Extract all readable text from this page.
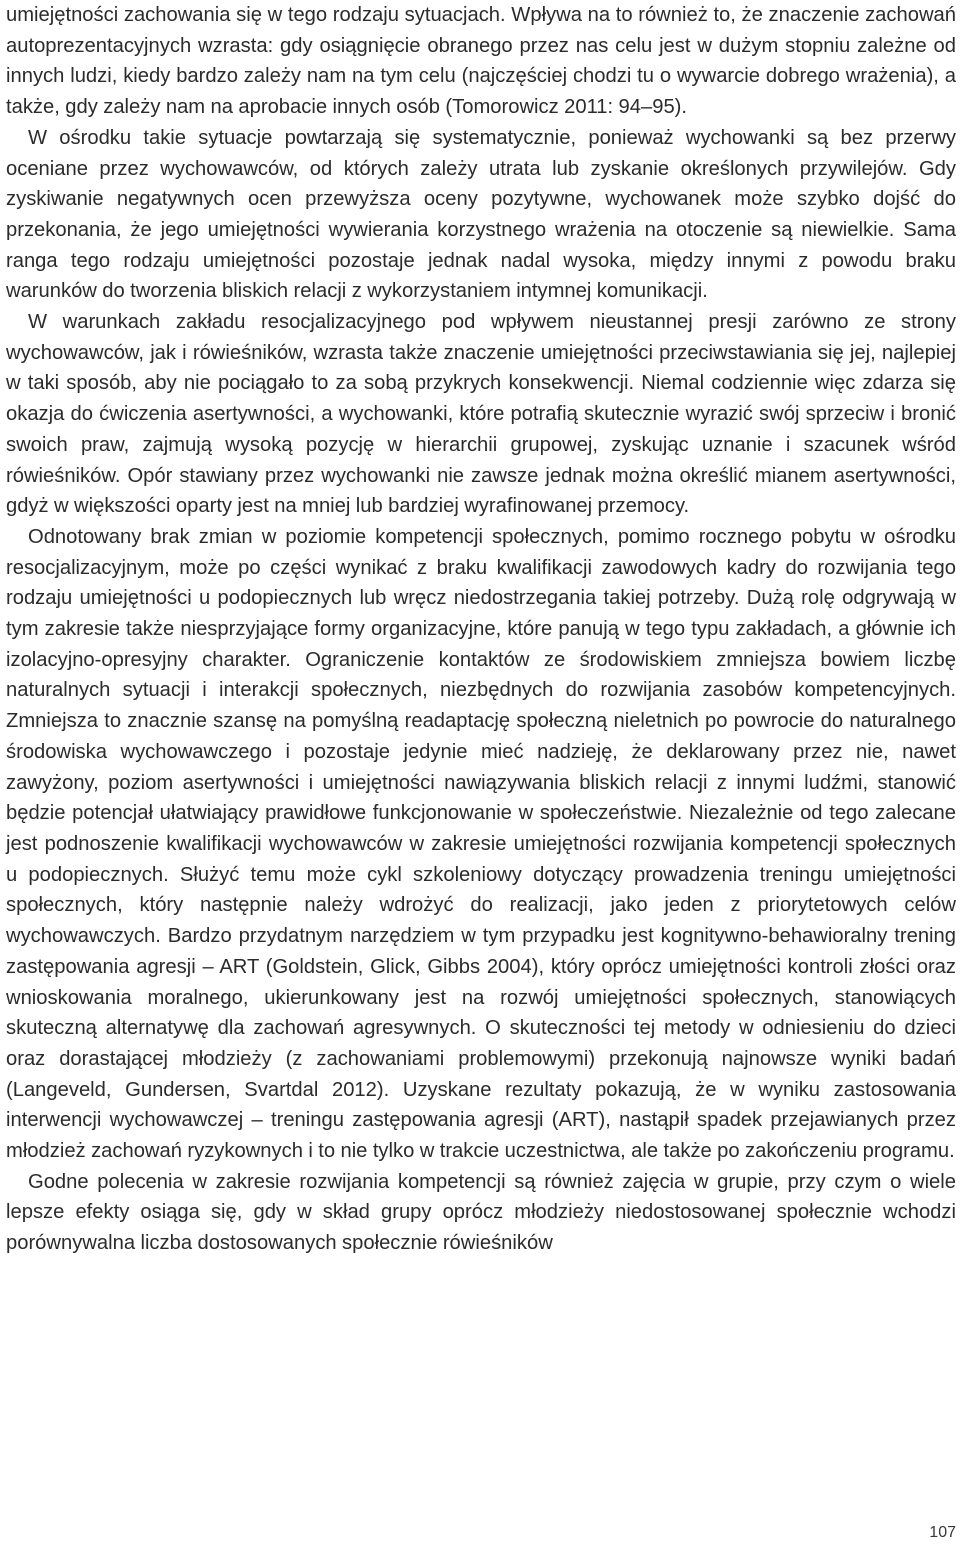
umiejętności zachowania się w tego rodzaju sytuacjach. Wpływa na to również to, że znaczenie zachowań autoprezentacyjnych wzrasta: gdy osiągnięcie obranego przez nas celu jest w dużym stopniu zależne od innych ludzi, kiedy bardzo zależy nam na tym celu (najczęściej chodzi tu o wywarcie dobrego wrażenia), a także, gdy zależy nam na aprobacie innych osób (Tomorowicz 2011: 94–95).

W ośrodku takie sytuacje powtarzają się systematycznie, ponieważ wychowanki są bez przerwy oceniane przez wychowawców, od których zależy utrata lub zyskanie określonych przywilejów. Gdy zyskiwanie negatywnych ocen przewyższa oceny pozytywne, wychowanek może szybko dojść do przekonania, że jego umiejętności wywierania korzystnego wrażenia na otoczenie są niewielkie. Sama ranga tego rodzaju umiejętności pozostaje jednak nadal wysoka, między innymi z powodu braku warunków do tworzenia bliskich relacji z wykorzystaniem intymnej komunikacji.

W warunkach zakładu resocjalizacyjnego pod wpływem nieustannej presji zarówno ze strony wychowawców, jak i rówieśników, wzrasta także znaczenie umiejętności przeciwstawiania się jej, najlepiej w taki sposób, aby nie pociągało to za sobą przykrych konsekwencji. Niemal codziennie więc zdarza się okazja do ćwiczenia asertywności, a wychowanki, które potrafią skutecznie wyrazić swój sprzeciw i bronić swoich praw, zajmują wysoką pozycję w hierarchii grupowej, zyskując uznanie i szacunek wśród rówieśników. Opór stawiany przez wychowanki nie zawsze jednak można określić mianem asertywności, gdyż w większości oparty jest na mniej lub bardziej wyrafinowanej przemocy.

Odnotowany brak zmian w poziomie kompetencji społecznych, pomimo rocznego pobytu w ośrodku resocjalizacyjnym, może po części wynikać z braku kwalifikacji zawodowych kadry do rozwijania tego rodzaju umiejętności u podopiecznych lub wręcz niedostrzegania takiej potrzeby. Dużą rolę odgrywają w tym zakresie także niesprzyjające formy organizacyjne, które panują w tego typu zakładach, a głównie ich izolacyjno-opresyjny charakter. Ograniczenie kontaktów ze środowiskiem zmniejsza bowiem liczbę naturalnych sytuacji i interakcji społecznych, niezbędnych do rozwijania zasobów kompetencyjnych. Zmniejsza to znacznie szansę na pomyślną readaptację społeczną nieletnich po powrocie do naturalnego środowiska wychowawczego i pozostaje jedynie mieć nadzieję, że deklarowany przez nie, nawet zawyżony, poziom asertywności i umiejętności nawiązywania bliskich relacji z innymi ludźmi, stanowić będzie potencjał ułatwiający prawidłowe funkcjonowanie w społeczeństwie. Niezależnie od tego zalecane jest podnoszenie kwalifikacji wychowawców w zakresie umiejętności rozwijania kompetencji społecznych u podopiecznych. Służyć temu może cykl szkoleniowy dotyczący prowadzenia treningu umiejętności społecznych, który następnie należy wdrożyć do realizacji, jako jeden z priorytetowych celów wychowawczych. Bardzo przydatnym narzędziem w tym przypadku jest kognitywno-behawioralny trening zastępowania agresji – ART (Goldstein, Glick, Gibbs 2004), który oprócz umiejętności kontroli złości oraz wnioskowania moralnego, ukierunkowany jest na rozwój umiejętności społecznych, stanowiących skuteczną alternatywę dla zachowań agresywnych. O skuteczności tej metody w odniesieniu do dzieci oraz dorastającej młodzieży (z zachowaniami problemowymi) przekonują najnowsze wyniki badań (Langeveld, Gundersen, Svartdal 2012). Uzyskane rezultaty pokazują, że w wyniku zastosowania interwencji wychowawczej – treningu zastępowania agresji (ART), nastąpił spadek przejawianych przez młodzież zachowań ryzykownych i to nie tylko w trakcie uczestnictwa, ale także po zakończeniu programu.

Godne polecenia w zakresie rozwijania kompetencji są również zajęcia w grupie, przy czym o wiele lepsze efekty osiąga się, gdy w skład grupy oprócz młodzieży niedostosowanej społecznie wchodzi porównywalna liczba dostosowanych społecznie rówieśników

107
